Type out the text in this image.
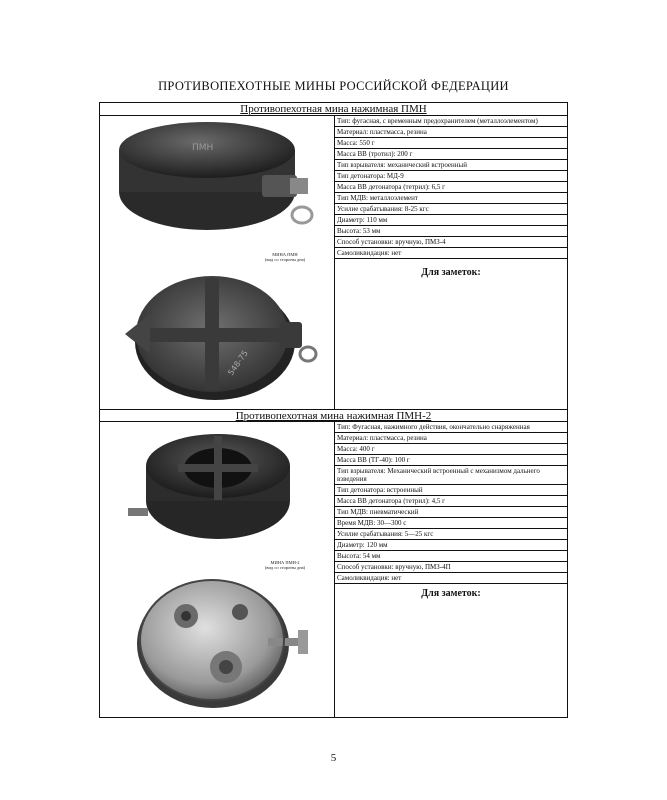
ПРОТИВОПЕХОТНЫЕ МИНЫ РОССИЙСКОЙ ФЕДЕРАЦИИ
Противопехотная мина нажимная ПМН
ПМН
МИНА ПМН
(вид со стороны дна)
548-75
Тип: фугасная, с временным предохранителем (металлоэлементом)
Материал: пластмасса, резина
Масса: 550 г
Масса ВВ (тротил): 200 г
Тип взрывателя: механический встроенный
Тип детонатора: МД-9
Масса ВВ детонатора (тетрил): 6,5 г
Тип МДВ: металлоэлемент
Усилие срабатывания: 8-25 кгс
Диаметр: 110 мм
Высота: 53 мм
Способ установки: вручную, ПМЗ-4
Самоликвидация: нет
Для заметок:
Противопехотная мина нажимная ПМН-2
МИНА ПМН-2
(вид со стороны дна)
Тип: Фугасная, нажимного действия, окончательно снаряженная
Материал: пластмасса, резина
Масса: 400 г
Масса ВВ (ТГ-40): 100 г
Тип взрывателя: Механический встроенный с механизмом дальнего взведения
Тип детонатора: встроенный
Масса ВВ детонатора (тетрил): 4,5 г
Тип МДВ: пневматический
Время МДВ: 30—300 с
Усилие срабатывания: 5—25 кгс
Диаметр: 120 мм
Высота: 54 мм
Способ установки: вручную, ПМЗ-4П
Самоликвидация: нет
Для заметок:
5
